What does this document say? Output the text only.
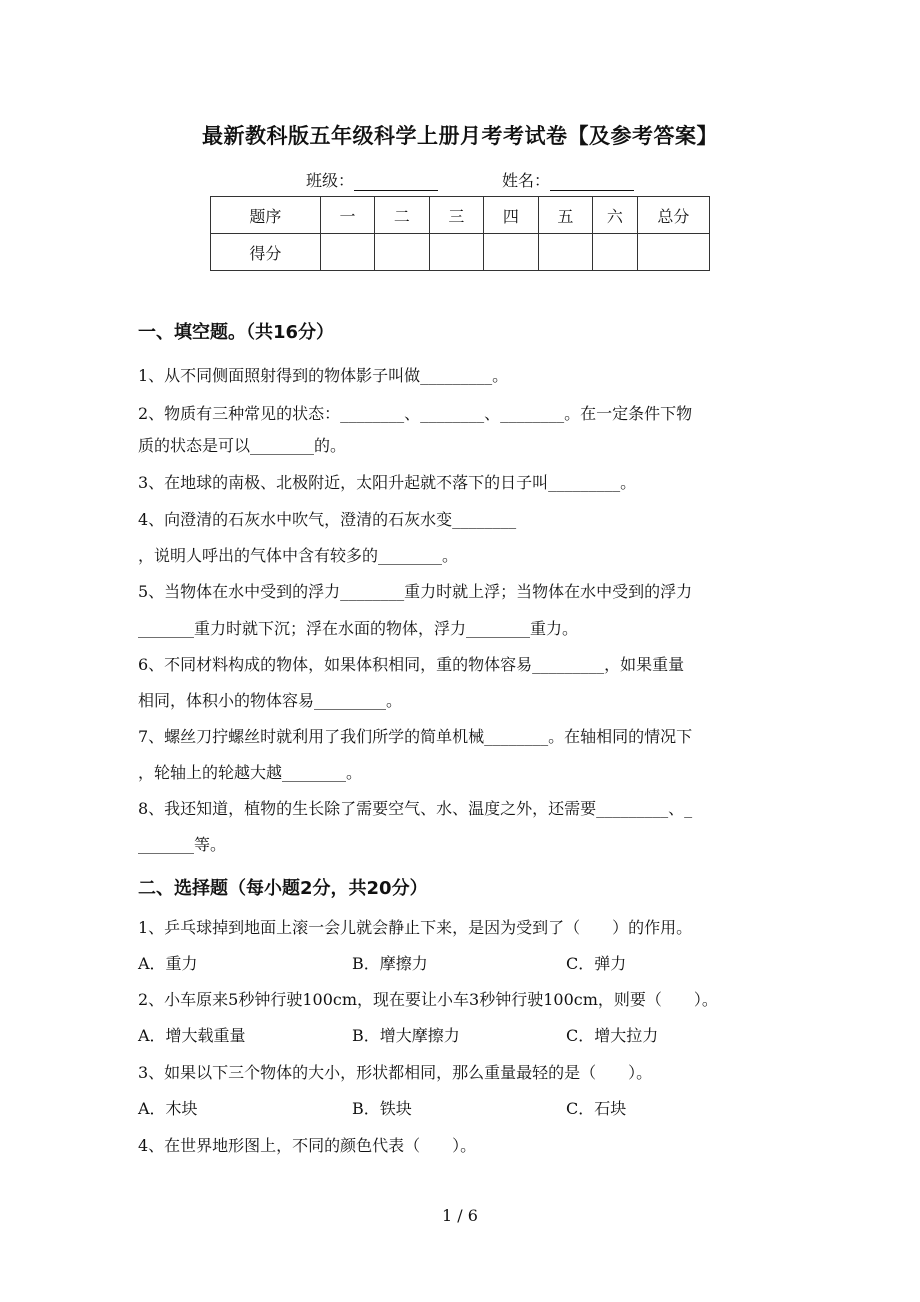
最新教科版五年级科学上册月考考试卷【及参考答案】
班级：	姓名：
题序	一	二	三	四	五	六	总分
得分							
一、填空题。（共16分）
1、从不同侧面照射得到的物体影子叫做_________。
2、物质有三种常见的状态：________、________、________。在一定条件下物
质的状态是可以________的。
3、在地球的南极、北极附近，太阳升起就不落下的日子叫_________。
4、向澄清的石灰水中吹气，澄清的石灰水变________
，说明人呼出的气体中含有较多的________。
5、当物体在水中受到的浮力________重力时就上浮；当物体在水中受到的浮力
_______重力时就下沉；浮在水面的物体，浮力________重力。
6、不同材料构成的物体，如果体积相同，重的物体容易_________，如果重量
相同，体积小的物体容易_________。
7、螺丝刀拧螺丝时就利用了我们所学的简单机械________。在轴相同的情况下
，轮轴上的轮越大越________。
8、我还知道，植物的生长除了需要空气、水、温度之外，还需要_________、_
_______等。
二、选择题（每小题2分，共20分）
1、乒乓球掉到地面上滚一会儿就会静止下来，是因为受到了（　　）的作用。
A．重力	B．摩擦力	C．弹力
2、小车原来5秒钟行驶100cm，现在要让小车3秒钟行驶100cm，则要（　　）。
A．增大载重量	B．增大摩擦力	C．增大拉力
3、如果以下三个物体的大小，形状都相同，那么重量最轻的是（　　）。
A．木块	B．铁块	C．石块
4、在世界地形图上，不同的颜色代表（　　）。
1 / 6
